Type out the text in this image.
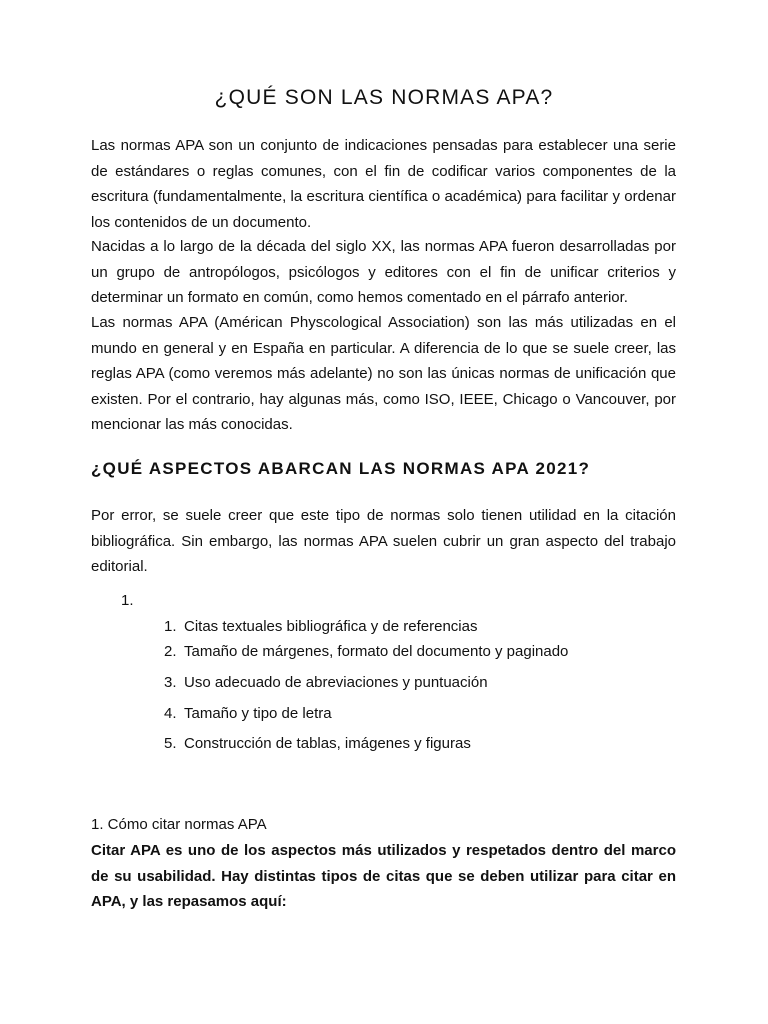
¿QUÉ SON LAS NORMAS APA?

Las normas APA son un conjunto de indicaciones pensadas para establecer una serie de estándares o reglas comunes, con el fin de codificar varios componentes de la escritura (fundamentalmente, la escritura científica o académica) para facilitar y ordenar los contenidos de un documento.

Nacidas a lo largo de la década del siglo XX, las normas APA fueron desarrolladas por un grupo de antropólogos, psicólogos y editores con el fin de unificar criterios y determinar un formato en común, como hemos comentado en el párrafo anterior.

Las normas APA (Américan Physcological Association) son las más utilizadas en el mundo en general y en España en particular. A diferencia de lo que se suele creer, las reglas APA (como veremos más adelante) no son las únicas normas de unificación que existen. Por el contrario, hay algunas más, como ISO, IEEE, Chicago o Vancouver, por mencionar las más conocidas.

¿QUÉ ASPECTOS ABARCAN LAS NORMAS APA 2021?

Por error, se suele creer que este tipo de normas solo tienen utilidad en la citación bibliográfica. Sin embargo, las normas APA suelen cubrir un gran aspecto del trabajo editorial.

1.
1. Citas textuales bibliográfica y de referencias
2. Tamaño de márgenes, formato del documento y paginado
3. Uso adecuado de abreviaciones y puntuación
4. Tamaño y tipo de letra
5. Construcción de tablas, imágenes y figuras
1. Cómo citar normas APA

Citar APA es uno de los aspectos más utilizados y respetados dentro del marco de su usabilidad. Hay distintas tipos de citas que se deben utilizar para citar en APA, y las repasamos aquí:
